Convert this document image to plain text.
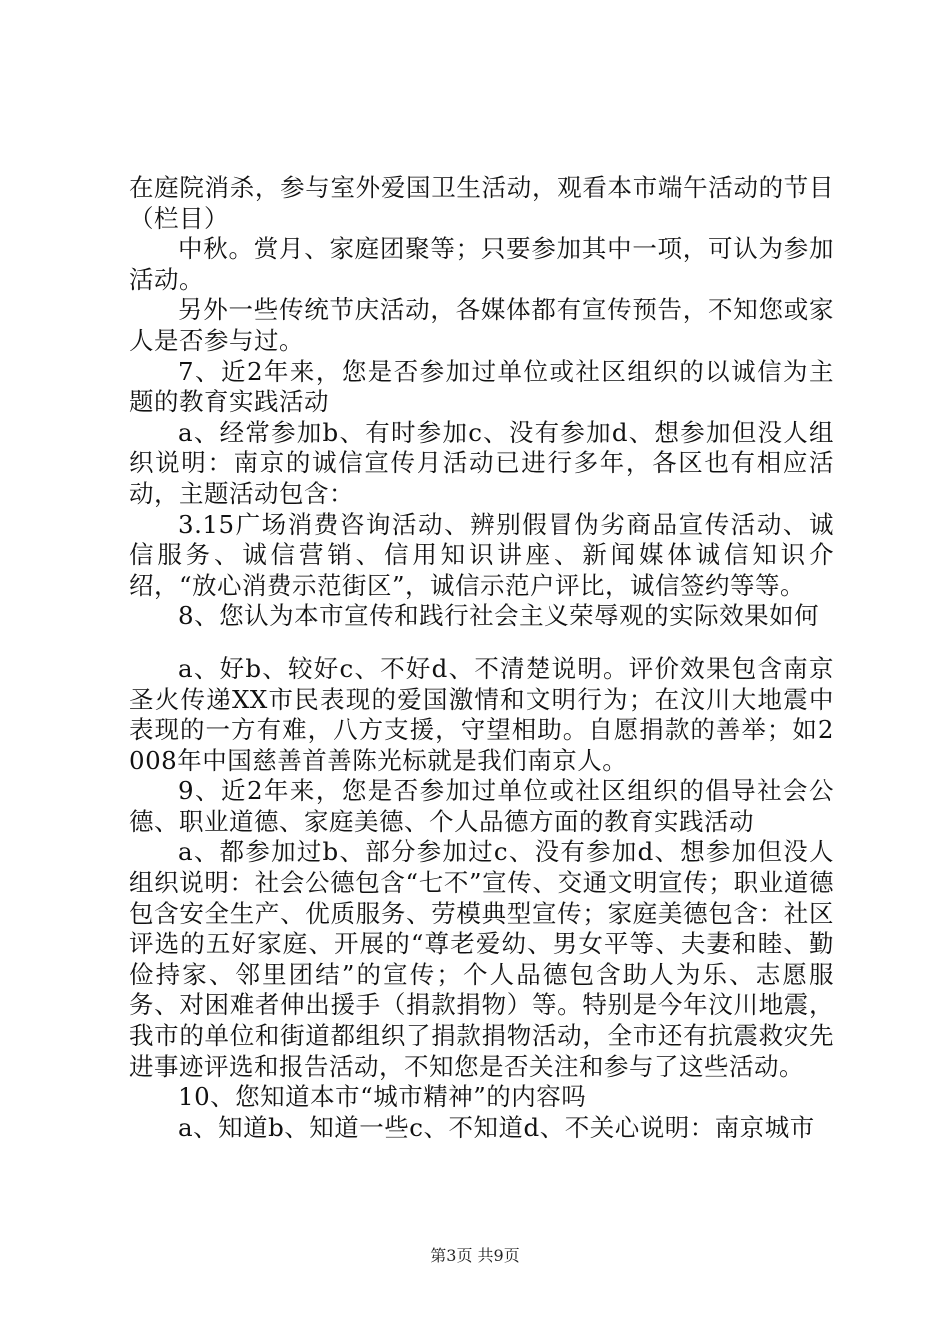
在庭院消杀，参与室外爱国卫生活动，观看本市端午活动的节目（栏目）

中秋。赏月、家庭团聚等；只要参加其中一项，可认为参加活动。

另外一些传统节庆活动，各媒体都有宣传预告，不知您或家人是否参与过。

7、近2年来，您是否参加过单位或社区组织的以诚信为主题的教育实践活动

a、经常参加b、有时参加c、没有参加d、想参加但没人组织说明：南京的诚信宣传月活动已进行多年，各区也有相应活动，主题活动包含：

3.15广场消费咨询活动、辨别假冒伪劣商品宣传活动、诚信服务、诚信营销、信用知识讲座、新闻媒体诚信知识介绍，“放心消费示范街区”，诚信示范户评比，诚信签约等等。

8、您认为本市宣传和践行社会主义荣辱观的实际效果如何

a、好b、较好c、不好d、不清楚说明。评价效果包含南京圣火传递XX市民表现的爱国激情和文明行为；在汶川大地震中表现的一方有难，八方支援，守望相助。自愿捐款的善举；如2008年中国慈善首善陈光标就是我们南京人。

9、近2年来，您是否参加过单位或社区组织的倡导社会公德、职业道德、家庭美德、个人品德方面的教育实践活动

a、都参加过b、部分参加过c、没有参加d、想参加但没人组织说明：社会公德包含“七不”宣传、交通文明宣传；职业道德包含安全生产、优质服务、劳模典型宣传；家庭美德包含：社区评选的五好家庭、开展的“尊老爱幼、男女平等、夫妻和睦、勤俭持家、邻里团结”的宣传；个人品德包含助人为乐、志愿服务、对困难者伸出援手（捐款捐物）等。特别是今年汶川地震，我市的单位和街道都组织了捐款捐物活动，全市还有抗震救灾先进事迹评选和报告活动，不知您是否关注和参与了这些活动。

10、您知道本市“城市精神”的内容吗

a、知道b、知道一些c、不知道d、不关心说明：南京城市

第3页 共9页
